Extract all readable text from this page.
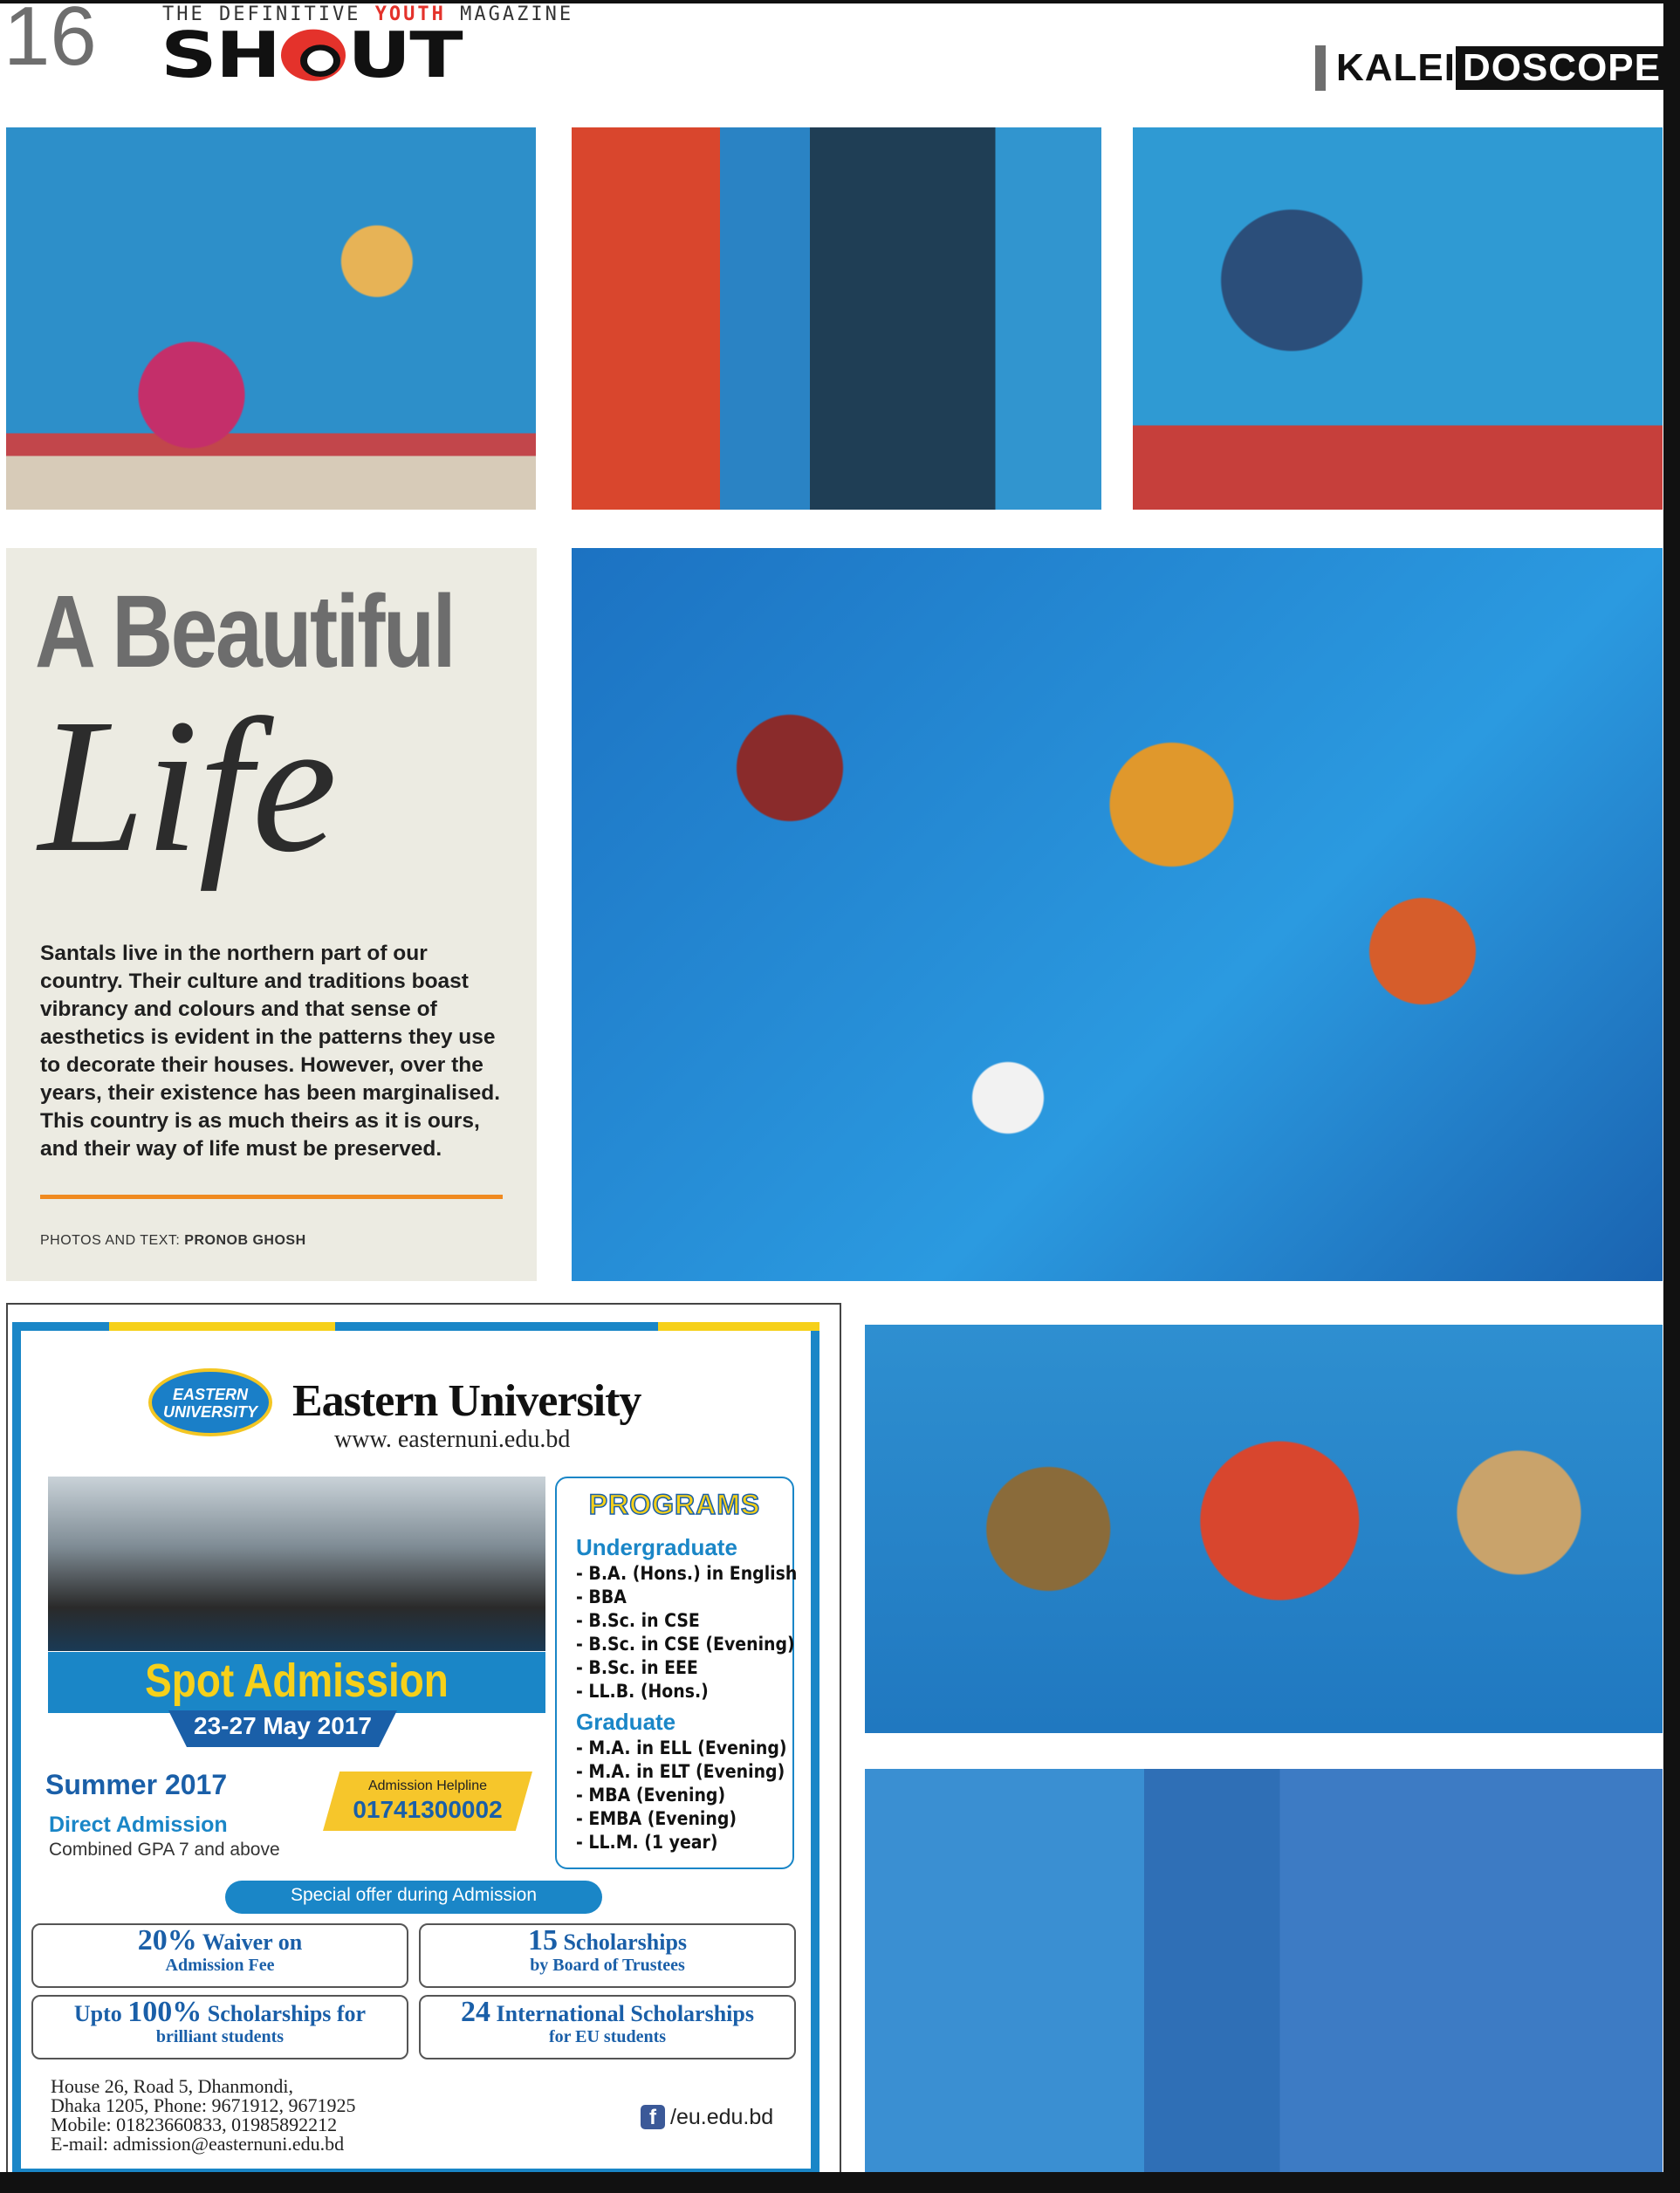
16	THE DEFINITIVE YOUTH MAGAZINE
SH UT	KALEI DOSCOPE
A Beautiful
Life
Santals live in the northern part of our country. Their culture and traditions boast vibrancy and colours and that sense of aesthetics is evident in the patterns they use to decorate their houses. However, over the years, their existence has been marginalised. This country is as much theirs as it is ours, and their way of life must be preserved.
PHOTOS AND TEXT: PRONOB GHOSH
EASTERN
UNIVERSITY Eastern University
www. easternuni.edu.bd
Spot Admission
23-27 May 2017
Summer 2017
Direct Admission
Combined GPA 7 and above
Admission Helpline
01741300002
PROGRAMS
Undergraduate
- B.A. (Hons.) in English
- BBA
- B.Sc. in CSE
- B.Sc. in CSE (Evening)
- B.Sc. in EEE
- LL.B. (Hons.)
Graduate
- M.A. in ELL (Evening)
- M.A. in ELT (Evening)
- MBA (Evening)
- EMBA (Evening)
- LL.M. (1 year)
Special offer during Admission
20% Waiver on
Admission Fee
15 Scholarships
by Board of Trustees
Upto 100% Scholarships for
brilliant students
24 International Scholarships
for EU students
House 26, Road 5, Dhanmondi,
Dhaka 1205, Phone: 9671912, 9671925
Mobile: 01823660833, 01985892212
E-mail: admission@easternuni.edu.bd
f /eu.edu.bd
